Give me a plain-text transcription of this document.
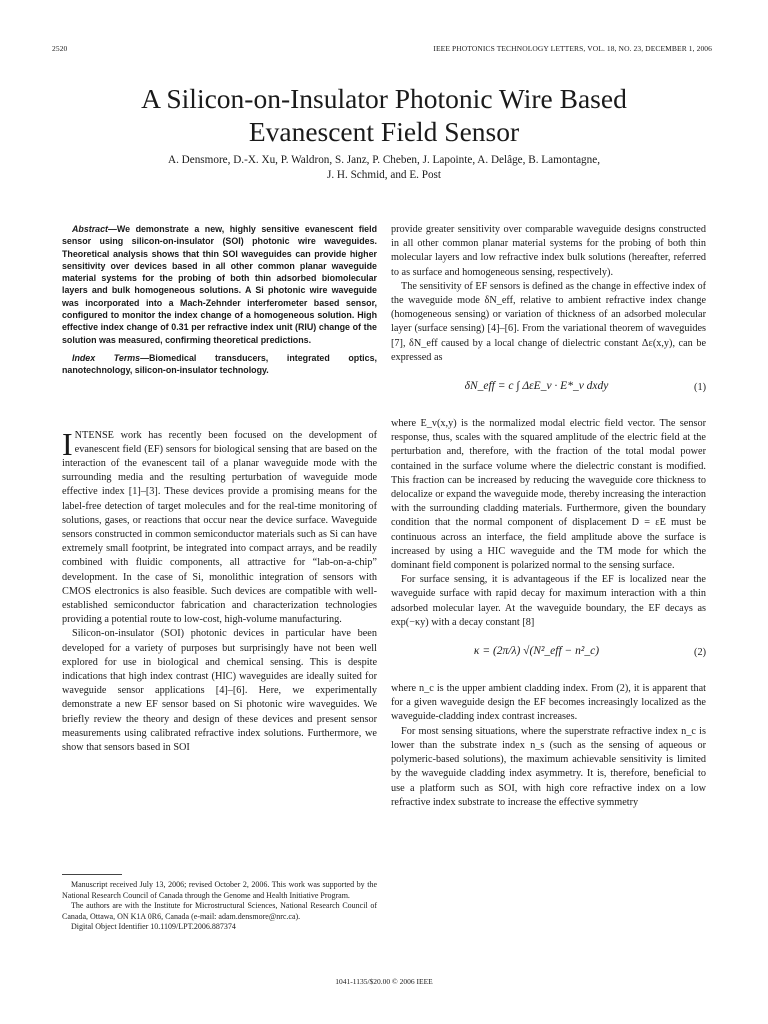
2520	IEEE PHOTONICS TECHNOLOGY LETTERS, VOL. 18, NO. 23, DECEMBER 1, 2006
A Silicon-on-Insulator Photonic Wire Based
Evanescent Field Sensor
A. Densmore, D.-X. Xu, P. Waldron, S. Janz, P. Cheben, J. Lapointe, A. Delâge, B. Lamontagne,
J. H. Schmid, and E. Post

Abstract—We demonstrate a new, highly sensitive evanescent field sensor using silicon-on-insulator (SOI) photonic wire waveguides. Theoretical analysis shows that thin SOI waveguides can provide higher sensitivity over devices based in all other common planar waveguide material systems for the probing of both thin adsorbed biomolecular layers and bulk homogeneous solutions. A Si photonic wire waveguide was incorporated into a Mach-Zehnder interferometer based sensor, configured to monitor the index change of a homogeneous solution. High effective index change of 0.31 per refractive index unit (RIU) change of the solution was measured, confirming theoretical predictions.

Index Terms—Biomedical transducers, integrated optics, nanotechnology, silicon-on-insulator technology.

INTENSE work has recently been focused on the development of evanescent field (EF) sensors for biological sensing that are based on the interaction of the evanescent tail of a planar waveguide mode with the surrounding media and the resulting perturbation of waveguide mode effective index [1]–[3]. These devices provide a promising means for the label-free detection of target molecules and for the real-time monitoring of solutions, gases, or reactions that occur near the device surface. Waveguide sensors constructed in common semiconductor materials such as Si can have extremely small footprint, be integrated into compact arrays, and be readily combined with fluidic components, all attractive for “lab-on-a-chip” development. In the case of Si, monolithic integration of sensors with CMOS electronics is also feasible. Such devices are compatible with well-established semiconductor fabrication and characterization technologies providing a potential route to low-cost, high-volume manufacturing.

Silicon-on-insulator (SOI) photonic devices in particular have been developed for a variety of purposes but surprisingly have not been well explored for use in biological and chemical sensing. This is despite indications that high index contrast (HIC) waveguides are ideally suited for waveguide sensor applications [4]–[6]. Here, we experimentally demonstrate a new EF sensor based on Si photonic wire waveguides. We briefly review the theory and design of these devices and present sensor measurements using calibrated refractive index solutions. Furthermore, we show that sensors based in SOI

Manuscript received July 13, 2006; revised October 2, 2006. This work was supported by the National Research Council of Canada through the Genome and Health Initiative Program.

The authors are with the Institute for Microstructural Sciences, National Research Council of Canada, Ottawa, ON K1A 0R6, Canada (e-mail: adam.densmore@nrc.ca).

Digital Object Identifier 10.1109/LPT.2006.887374

provide greater sensitivity over comparable waveguide designs constructed in all other common planar material systems for the probing of both thin molecular layers and low refractive index bulk solutions (hereafter, referred to as surface and homogeneous sensing, respectively).

The sensitivity of EF sensors is defined as the change in effective index of the waveguide mode δN_eff, relative to ambient refractive index change (homogeneous sensing) or variation of thickness of an adsorbed molecular layer (surface sensing) [4]–[6]. From the variational theorem of waveguides [7], δN_eff caused by a local change of dielectric constant Δε(x,y), can be expressed as

δN_eff = c ∫ ΔεE_v · E*_v dxdy	(1)

where E_v(x,y) is the normalized modal electric field vector. The sensor response, thus, scales with the squared amplitude of the electric field at the perturbation and, therefore, with the fraction of the total modal power contained in the surface volume where the dielectric constant is modified. This fraction can be increased by reducing the waveguide core thickness to delocalize or expand the waveguide mode, thereby increasing the interaction with the surrounding cladding materials. Furthermore, given the boundary condition that the normal component of displacement D = εE must be continuous across an interface, the field amplitude above the surface is increased by using a HIC waveguide and the TM mode for which the dominant field component is polarized normal to the sensing surface.

For surface sensing, it is advantageous if the EF is localized near the waveguide surface with rapid decay for maximum interaction with a thin adsorbed molecular layer. At the waveguide boundary, the EF decays as exp(−κy) with a decay constant [8]

κ = (2π/λ) √(N²_eff − n²_c)	(2)

where n_c is the upper ambient cladding index. From (2), it is apparent that for a given waveguide design the EF becomes increasingly localized as the waveguide-cladding index contrast increases.

For most sensing situations, where the superstrate refractive index n_c is lower than the substrate index n_s (such as the sensing of aqueous or polymeric-based solutions), the maximum achievable sensitivity is limited by the waveguide cladding index asymmetry. It is, therefore, beneficial to use a platform such as SOI, with high core refractive index on a low refractive index substrate to increase the effective symmetry

1041-1135/$20.00 © 2006 IEEE
